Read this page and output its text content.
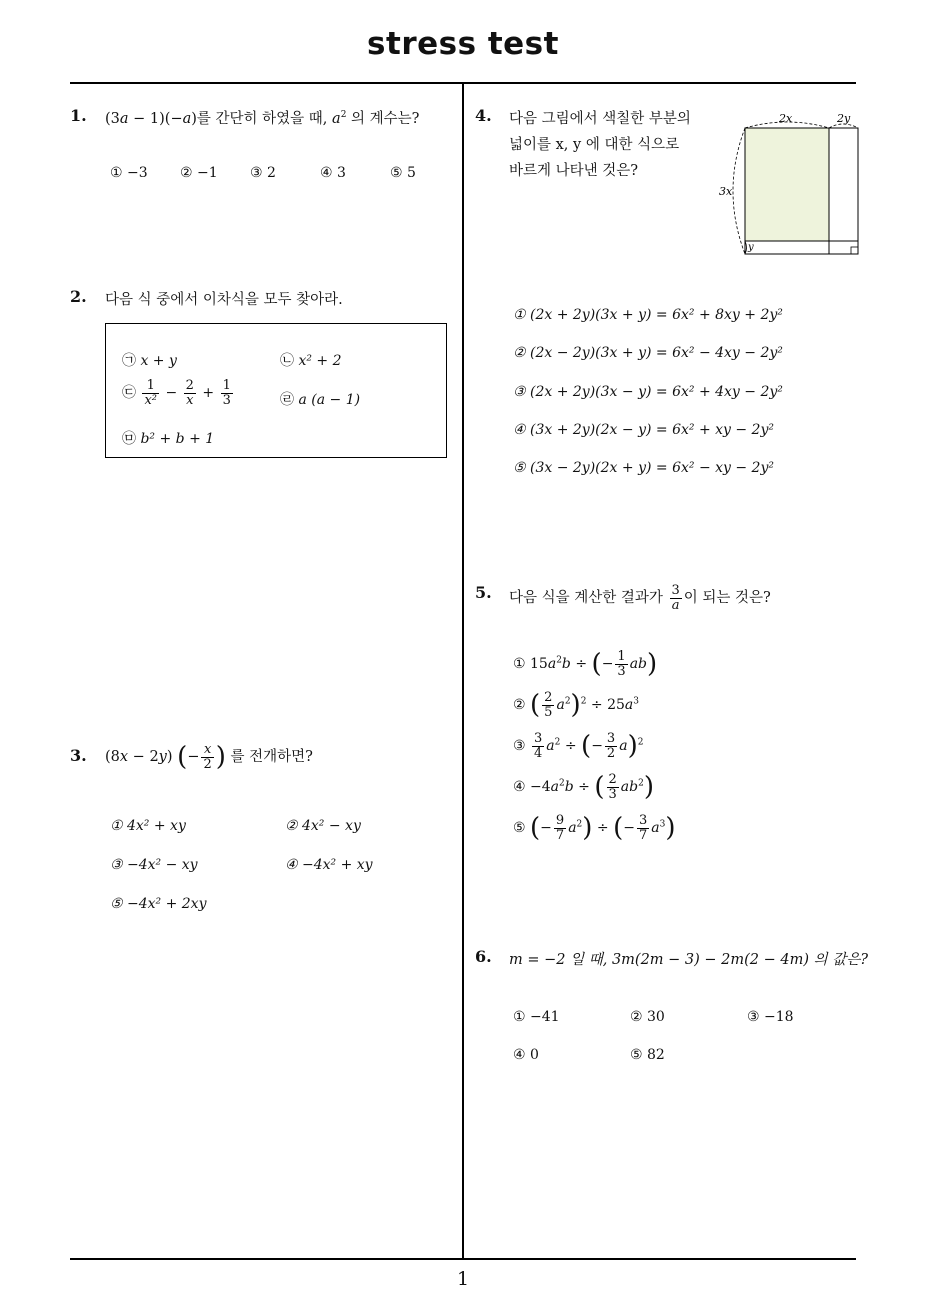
stress test
1
1. (3a − 1)(−a)를 간단히 하였을 때, $a^2$ 의 계수는?
① −3 ② −1 ③ 2	④ 3	⑤ 5
2. 다음 식 중에서 이차식을 모두 찾아라.
㉠ x + y	㉡ x² + 2
㉢ $\frac{1}{\text{x²}} - \frac{2}{x} + \frac{1}{3}$	㉣ a (a − 1)
㉤ b² + b + 1
3. (8x − 2y) (− $\frac{x}{2}$ ) 를 전개하면?
① 4x² + xy	② 4x² − xy
③ −4x² − xy	④ −4x² + xy
⑤ −4x² + 2xy
4. 다음 그림에서 색칠한 부분의
넓이를 x, y 에 대한 식으로
바르게 나타낸 것은?
2x	2y
3x
y
① (2x + 2y)(3x + y) = 6x² + 8xy + 2y²
② (2x − 2y)(3x + y) = 6x² − 4xy − 2y²
③ (2x + 2y)(3x − y) = 6x² + 4xy − 2y²
④ (3x + 2y)(2x − y) = 6x² + xy − 2y²
⑤ (3x − 2y)(2x + y) = 6x² − xy − 2y²
5. 다음 식을 계산한 결과가 $\frac{3}{a}$ 이 되는 것은?
① $15a^2b$ ÷ (− $\frac{1}{3} ab$)
② ( $\frac{2}{5} a^2)^2 \div 25a^3$
③ $\frac{3}{4} a^2$ ÷ (− $\frac{3}{2} a)^2$
④ $-4a^2b$ ÷ ( $\frac{2}{3} ab^2$)
⑤ (− $\frac{9}{7} a^2$) ÷ (− $\frac{3}{7} a^3$)
6. m = −2 일 때, 3m(2m − 3) − 2m(2 − 4m) 의 값은?
① −41	② 30	③ −18
④ 0	⑤ 82
